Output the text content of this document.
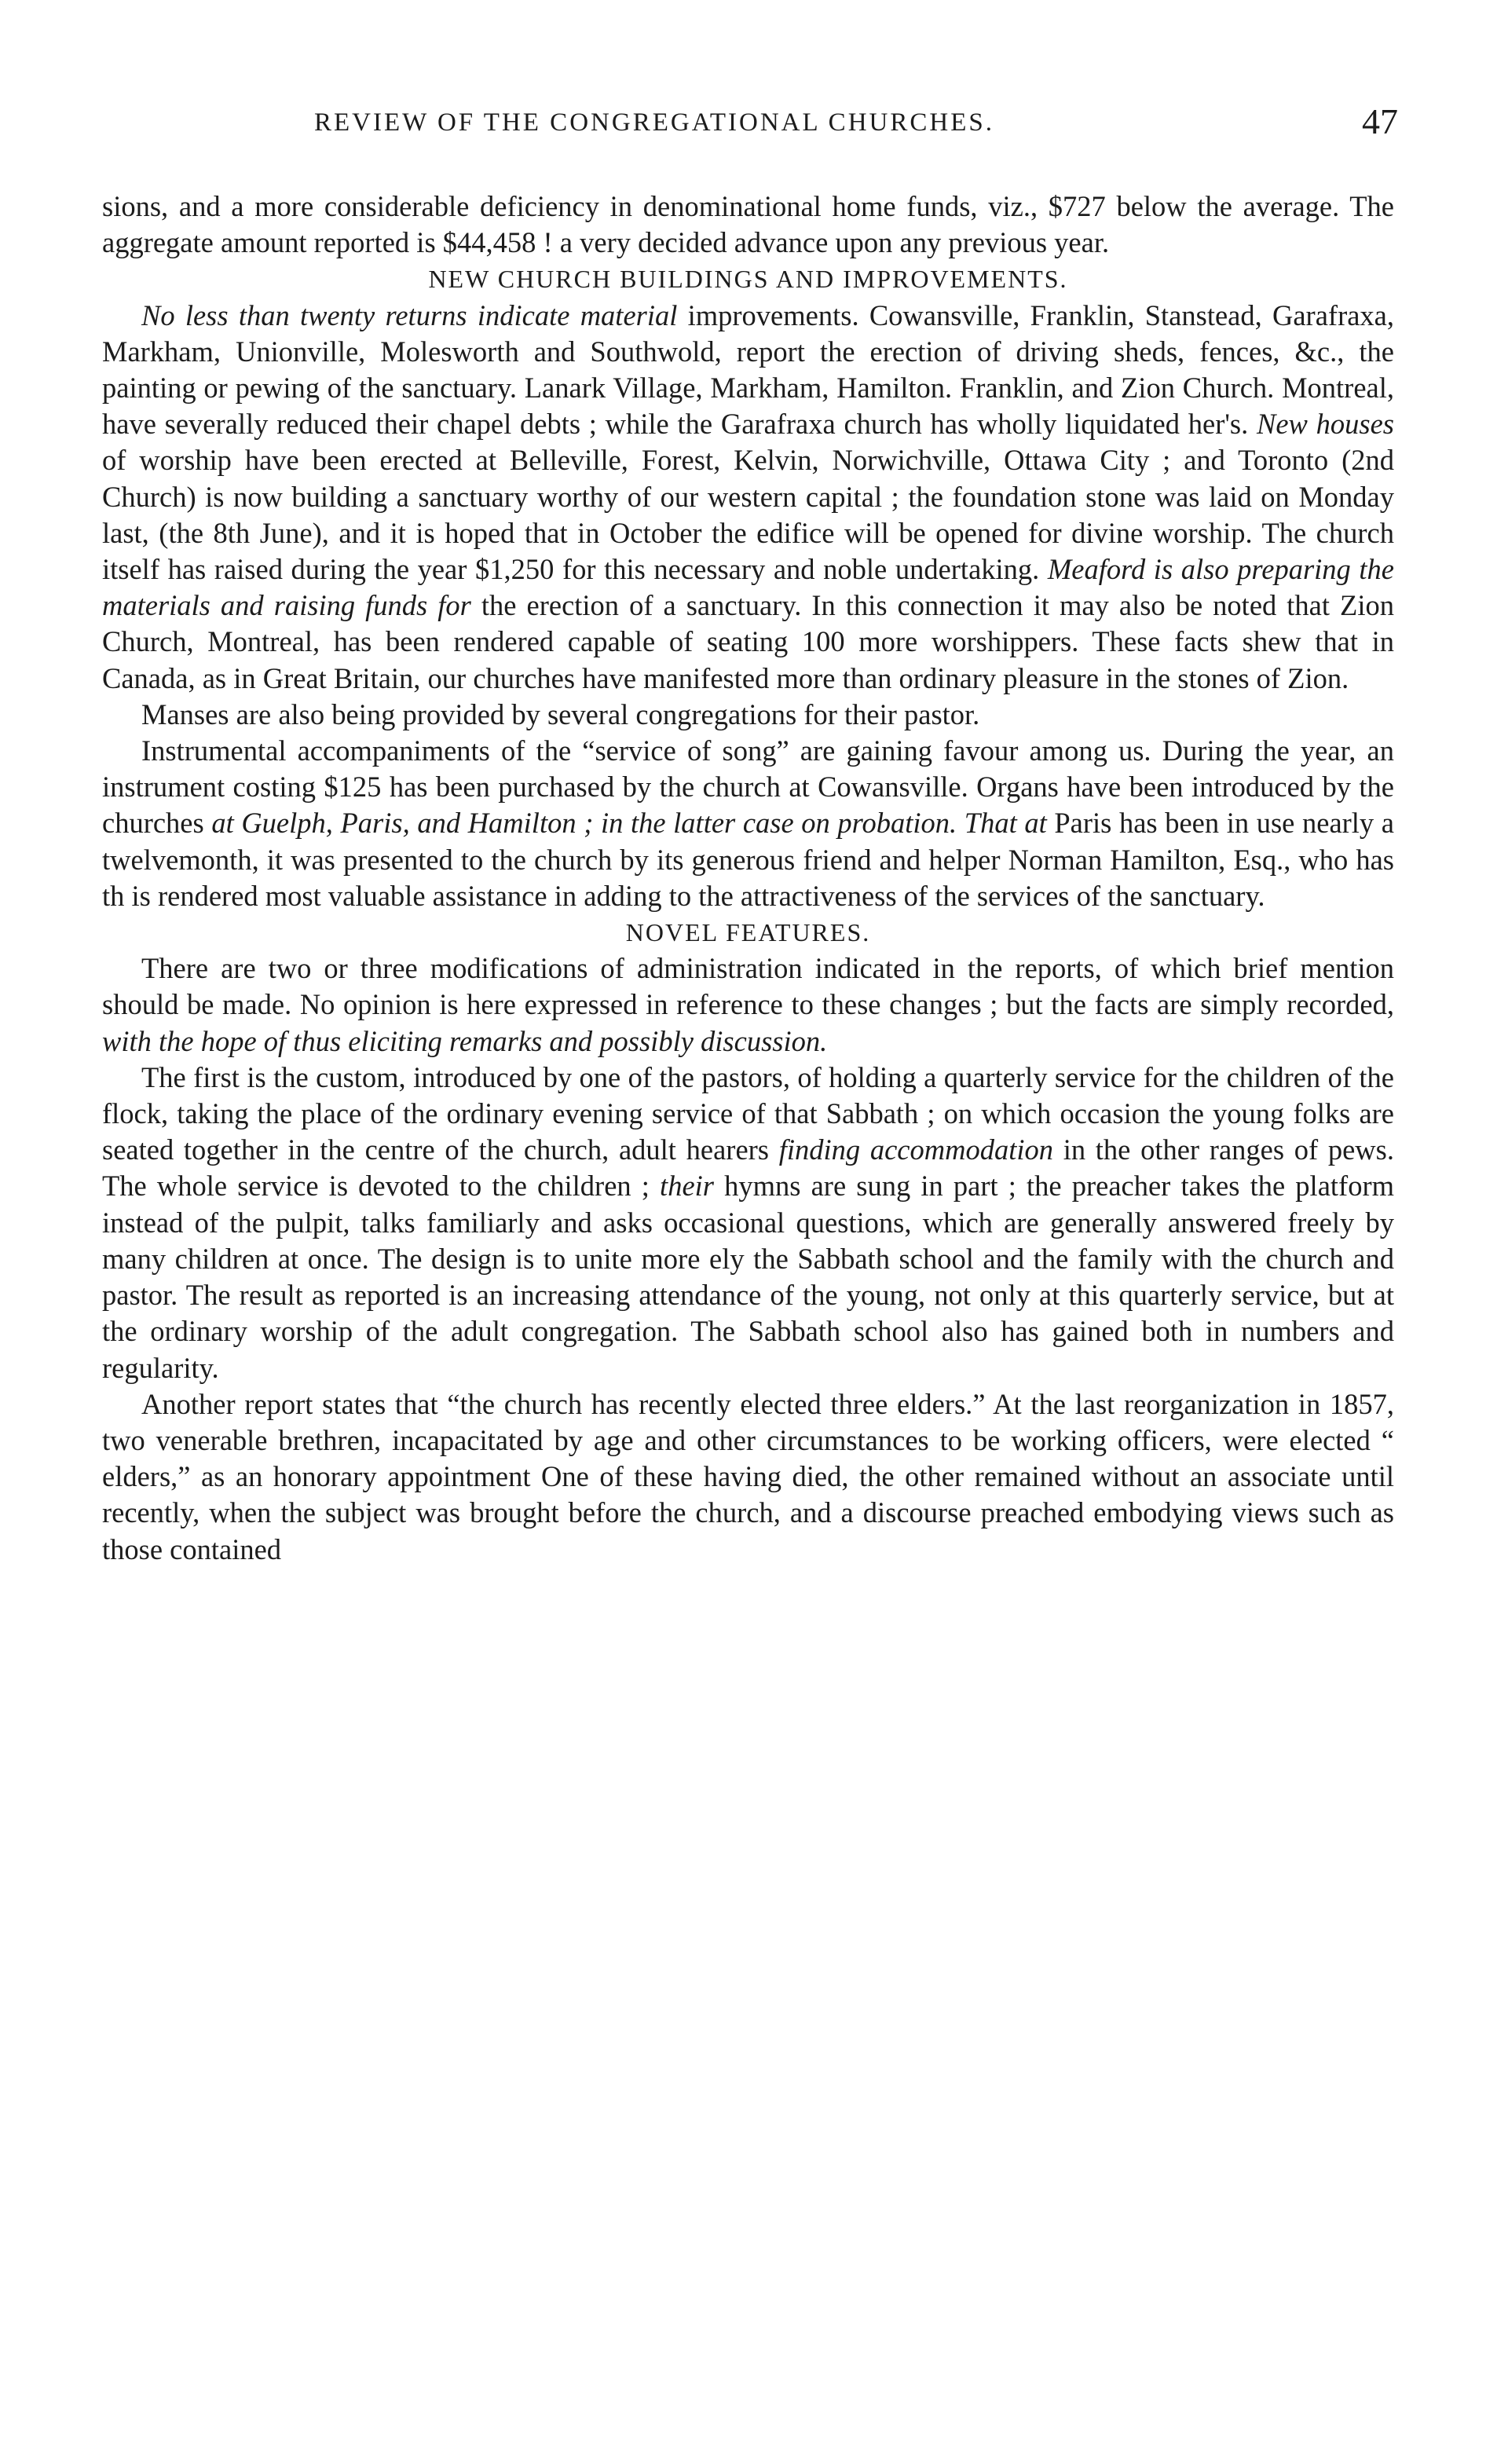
REVIEW OF THE CONGREGATIONAL CHURCHES.	47

sions, and a more considerable deficiency in denominational home funds, viz., $727 below the average. The aggregate amount reported is $44,458 ! a very decided advance upon any previous year.

NEW CHURCH BUILDINGS AND IMPROVEMENTS.

No less than twenty returns indicate material improvements. Cowansville, Franklin, Stanstead, Garafraxa, Markham, Unionville, Molesworth and Southwold, report the erection of driving sheds, fences, &c., the painting or pewing of the sanctuary. Lanark Village, Markham, Hamilton. Franklin, and Zion Church. Montreal, have severally reduced their chapel debts ; while the Garafraxa church has wholly liquidated her's. New houses of worship have been erected at Belleville, Forest, Kelvin, Norwichville, Ottawa City ; and Toronto (2nd Church) is now building a sanctuary worthy of our western capital ; the foundation stone was laid on Monday last, (the 8th June), and it is hoped that in October the edifice will be opened for divine worship. The church itself has raised during the year $1,250 for this necessary and noble undertaking. Meaford is also preparing the materials and raising funds for the erection of a sanctuary. In this connection it may also be noted that Zion Church, Montreal, has been rendered capable of seating 100 more worshippers. These facts shew that in Canada, as in Great Britain, our churches have manifested more than ordinary pleasure in the stones of Zion.

Manses are also being provided by several congregations for their pastor.

Instrumental accompaniments of the “service of song” are gaining favour among us. During the year, an instrument costing $125 has been purchased by the church at Cowansville. Organs have been introduced by the churches at Guelph, Paris, and Hamilton ; in the latter case on probation. That at Paris has been in use nearly a twelvemonth, it was presented to the church by its generous friend and helper Norman Hamilton, Esq., who has th is rendered most valuable assistance in adding to the attractiveness of the services of the sanctuary.

NOVEL FEATURES.

There are two or three modifications of administration indicated in the reports, of which brief mention should be made. No opinion is here expressed in reference to these changes ; but the facts are simply recorded, with the hope of thus eliciting remarks and possibly discussion.

The first is the custom, introduced by one of the pastors, of holding a quarterly service for the children of the flock, taking the place of the ordinary evening service of that Sabbath ; on which occasion the young folks are seated together in the centre of the church, adult hearers finding accommodation in the other ranges of pews. The whole service is devoted to the children ; their hymns are sung in part ; the preacher takes the platform instead of the pulpit, talks familiarly and asks occasional questions, which are generally answered freely by many children at once. The design is to unite more ely the Sabbath school and the family with the church and pastor. The result as reported is an increasing attendance of the young, not only at this quarterly service, but at the ordinary worship of the adult congregation. The Sabbath school also has gained both in numbers and regularity.

Another report states that “the church has recently elected three elders.” At the last reorganization in 1857, two venerable brethren, incapacitated by age and other circumstances to be working officers, were elected “ elders,” as an honorary appointment One of these having died, the other remained without an associate until recently, when the subject was brought before the church, and a discourse preached embodying views such as those contained
